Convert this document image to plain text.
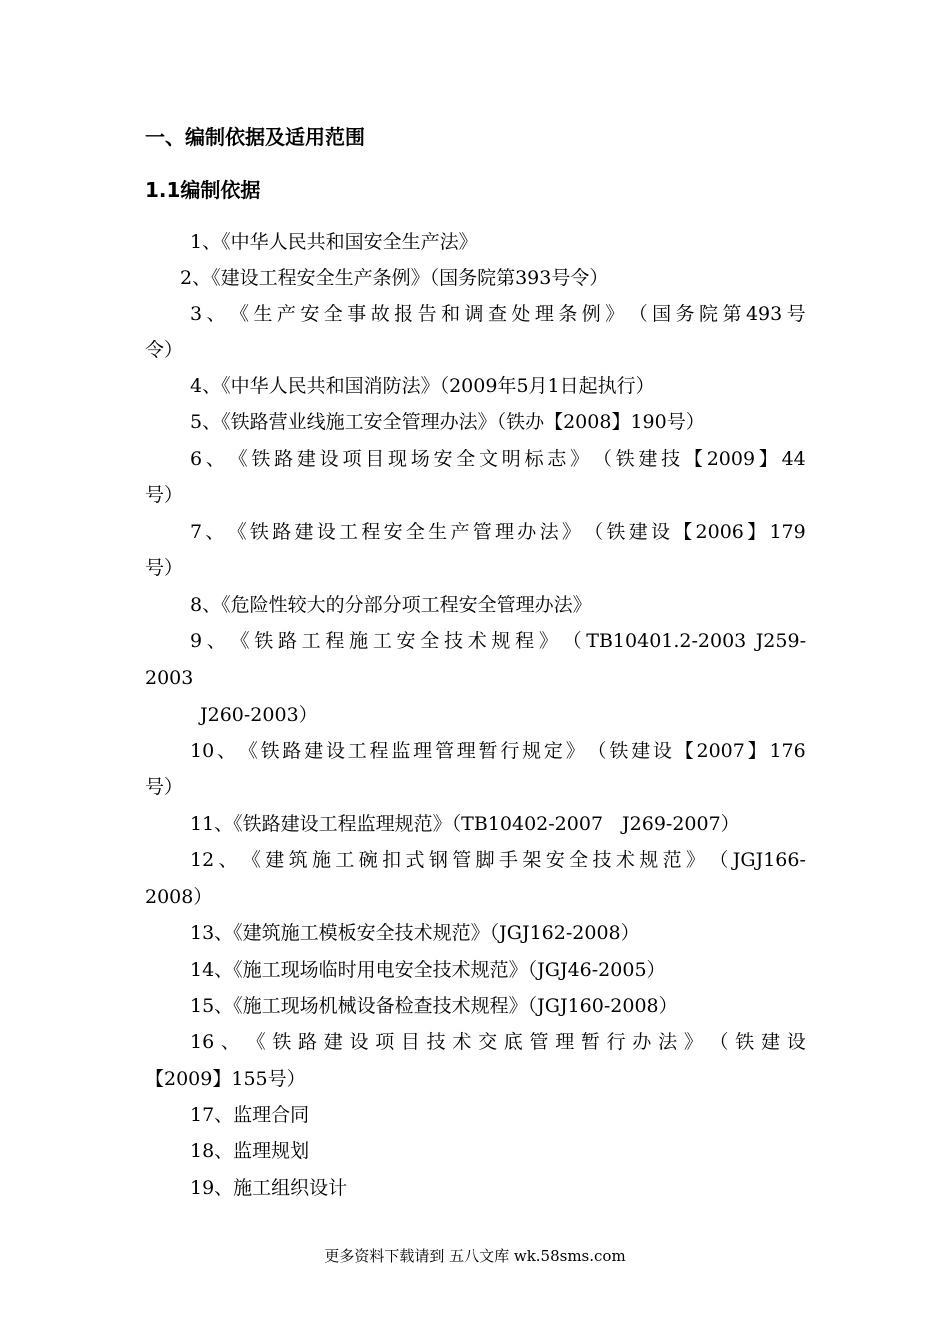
一、编制依据及适用范围
1.1编制依据
1、《中华人民共和国安全生产法》
2、《建设工程安全生产条例》（国务院第393号令）
3 、 《 生 产 安 全 事 故 报 告 和 调 查 处 理 条 例 》 （ 国 务 院 第 493 号
令）
4、《中华人民共和国消防法》（2009年5月1日起执行）
5、《铁路营业线施工安全管理办法》（铁办【2008】190号）
6 、 《 铁 路 建 设 项 目 现 场 安 全 文 明 标 志 》 （ 铁 建 技 【 2009 】 44
号）
7 、 《 铁 路 建 设 工 程 安 全 生 产 管 理 办 法 》 （ 铁 建 设 【 2006 】 179
号）
8、《危险性较大的分部分项工程安全管理办法》
9 、 《 铁 路 工 程 施 工 安 全 技 术 规 程 》 （ TB10401.2-2003 J259-
2003
J260-2003）
10 、 《 铁 路 建 设 工 程 监 理 管 理 暂 行 规 定 》 （ 铁 建 设 【 2007 】 176
号）
11、《铁路建设工程监理规范》（TB10402-2007　J269-2007）
12 、 《 建 筑 施 工 碗 扣 式 钢 管 脚 手 架 安 全 技 术 规 范 》 （ JGJ166-
2008）
13、《建筑施工模板安全技术规范》（JGJ162-2008）
14、《施工现场临时用电安全技术规范》（JGJ46-2005）
15、《施工现场机械设备检查技术规程》（JGJ160-2008）
16 、 《 铁 路 建 设 项 目 技 术 交 底 管 理 暂 行 办 法 》 （ 铁 建 设
【2009】155号）
17、监理合同
18、监理规划
19、施工组织设计
更多资料下载请到 五八文库 wk.58sms.com
